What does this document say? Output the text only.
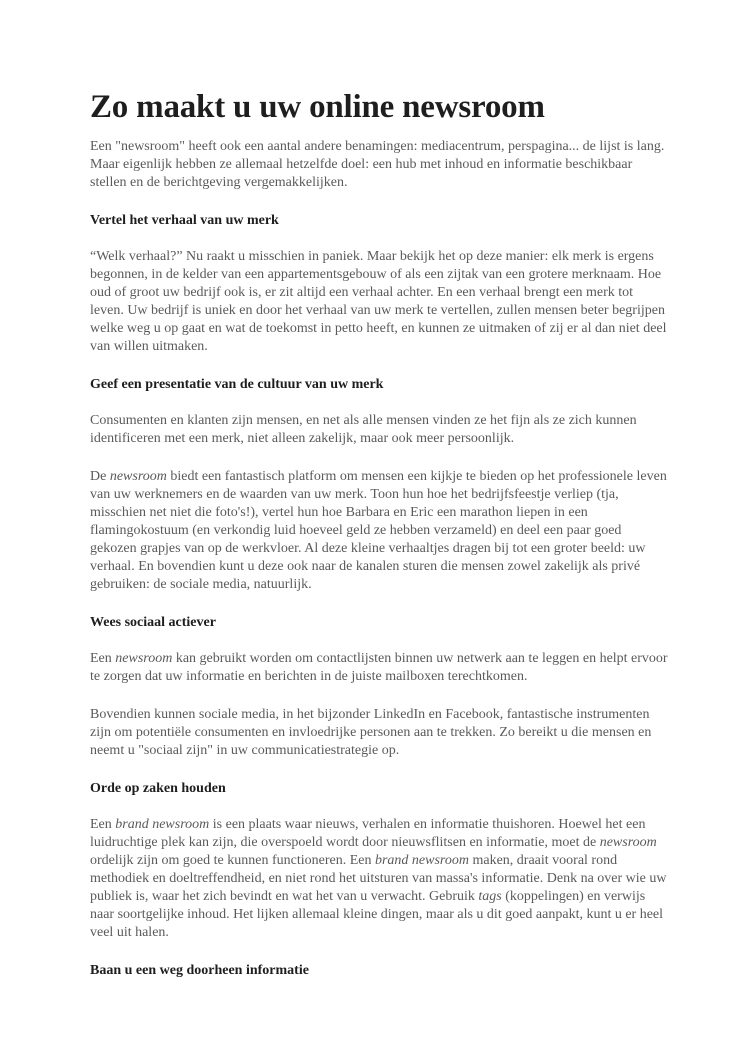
Zo maakt u uw online newsroom

Een "newsroom" heeft ook een aantal andere benamingen: mediacentrum, perspagina... de lijst is lang. Maar eigenlijk hebben ze allemaal hetzelfde doel: een hub met inhoud en informatie beschikbaar stellen en de berichtgeving vergemakkelijken.

Vertel het verhaal van uw merk

“Welk verhaal?” Nu raakt u misschien in paniek. Maar bekijk het op deze manier: elk merk is ergens begonnen, in de kelder van een appartementsgebouw of als een zijtak van een grotere merknaam. Hoe oud of groot uw bedrijf ook is, er zit altijd een verhaal achter. En een verhaal brengt een merk tot leven. Uw bedrijf is uniek en door het verhaal van uw merk te vertellen, zullen mensen beter begrijpen welke weg u op gaat en wat de toekomst in petto heeft, en kunnen ze uitmaken of zij er al dan niet deel van willen uitmaken.

Geef een presentatie van de cultuur van uw merk

Consumenten en klanten zijn mensen, en net als alle mensen vinden ze het fijn als ze zich kunnen identificeren met een merk, niet alleen zakelijk, maar ook meer persoonlijk.

De newsroom biedt een fantastisch platform om mensen een kijkje te bieden op het professionele leven van uw werknemers en de waarden van uw merk. Toon hun hoe het bedrijfsfeestje verliep (tja, misschien net niet die foto's!), vertel hun hoe Barbara en Eric een marathon liepen in een flamingokostuum (en verkondig luid hoeveel geld ze hebben verzameld) en deel een paar goed gekozen grapjes van op de werkvloer. Al deze kleine verhaaltjes dragen bij tot een groter beeld: uw verhaal. En bovendien kunt u deze ook naar de kanalen sturen die mensen zowel zakelijk als privé gebruiken: de sociale media, natuurlijk.

Wees sociaal actiever

Een newsroom kan gebruikt worden om contactlijsten binnen uw netwerk aan te leggen en helpt ervoor te zorgen dat uw informatie en berichten in de juiste mailboxen terechtkomen.

Bovendien kunnen sociale media, in het bijzonder LinkedIn en Facebook, fantastische instrumenten zijn om potentiële consumenten en invloedrijke personen aan te trekken. Zo bereikt u die mensen en neemt u "sociaal zijn" in uw communicatiestrategie op.

Orde op zaken houden

Een brand newsroom is een plaats waar nieuws, verhalen en informatie thuishoren. Hoewel het een luidruchtige plek kan zijn, die overspoeld wordt door nieuwsflitsen en informatie, moet de newsroom ordelijk zijn om goed te kunnen functioneren. Een brand newsroom maken, draait vooral rond methodiek en doeltreffendheid, en niet rond het uitsturen van massa's informatie. Denk na over wie uw publiek is, waar het zich bevindt en wat het van u verwacht. Gebruik tags (koppelingen) en verwijs naar soortgelijke inhoud. Het lijken allemaal kleine dingen, maar als u dit goed aanpakt, kunt u er heel veel uit halen.

Baan u een weg doorheen informatie
